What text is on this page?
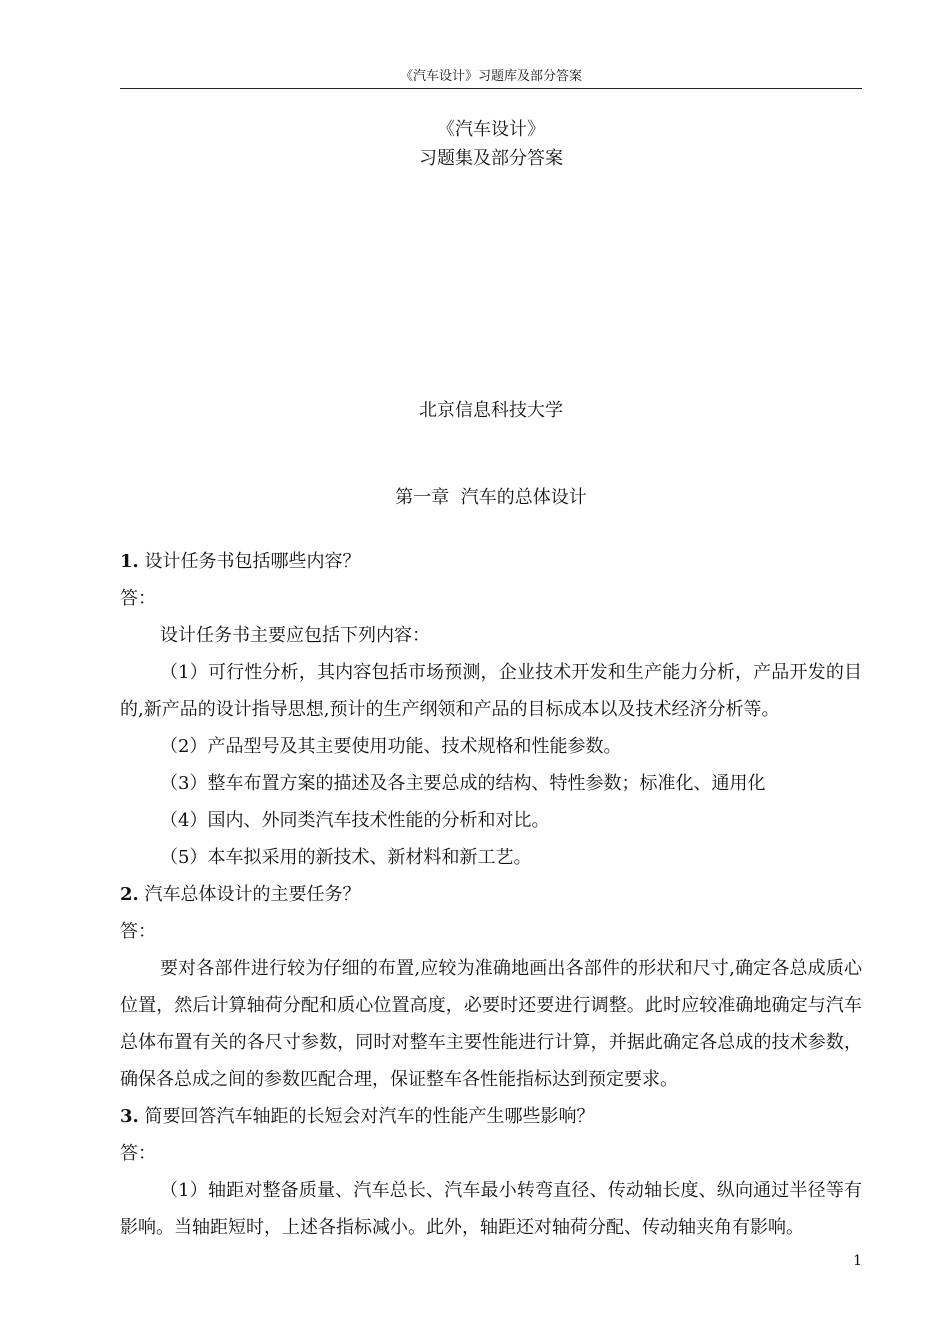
《汽车设计》习题库及部分答案
《汽车设计》
习题集及部分答案
北京信息科技大学
第一章  汽车的总体设计

1. 设计任务书包括哪些内容？

答：

设计任务书主要应包括下列内容：

（1）可行性分析，其内容包括市场预测，企业技术开发和生产能力分析，产品开发的目的,新产品的设计指导思想,预计的生产纲领和产品的目标成本以及技术经济分析等。

（2）产品型号及其主要使用功能、技术规格和性能参数。

（3）整车布置方案的描述及各主要总成的结构、特性参数；标准化、通用化

（4）国内、外同类汽车技术性能的分析和对比。

（5）本车拟采用的新技术、新材料和新工艺。

2. 汽车总体设计的主要任务？

答：

要对各部件进行较为仔细的布置,应较为准确地画出各部件的形状和尺寸,确定各总成质心位置，然后计算轴荷分配和质心位置高度，必要时还要进行调整。此时应较准确地确定与汽车总体布置有关的各尺寸参数，同时对整车主要性能进行计算，并据此确定各总成的技术参数，确保各总成之间的参数匹配合理，保证整车各性能指标达到预定要求。

3. 简要回答汽车轴距的长短会对汽车的性能产生哪些影响？

答：

（1）轴距对整备质量、汽车总长、汽车最小转弯直径、传动轴长度、纵向通过半径等有影响。当轴距短时，上述各指标减小。此外，轴距还对轴荷分配、传动轴夹角有影响。

1
